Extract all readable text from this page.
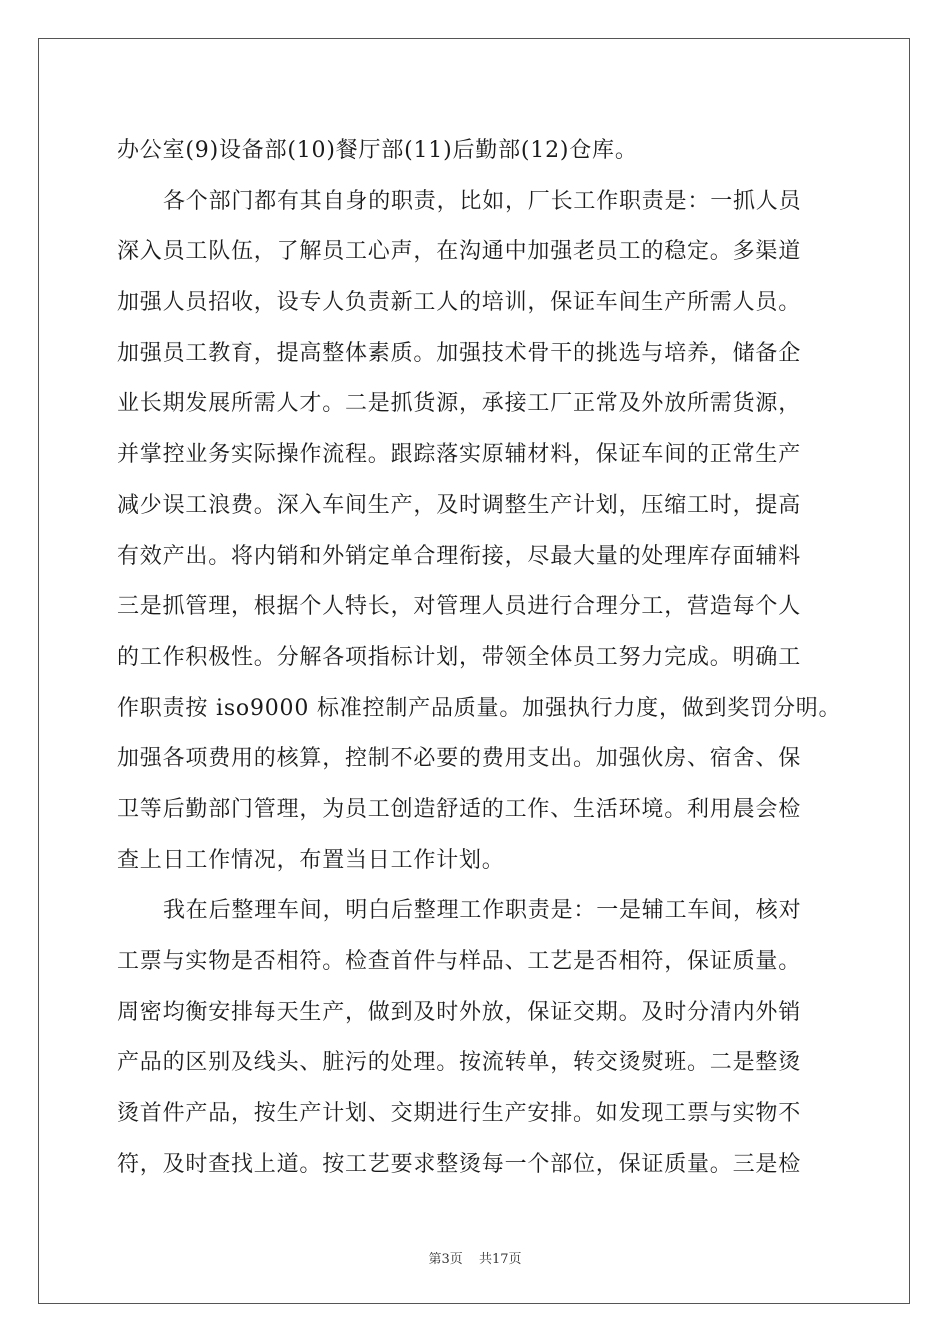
办公室(9)设备部(10)餐厅部(11)后勤部(12)仓库。
各个部门都有其自身的职责，比如，厂长工作职责是：一抓人员
深入员工队伍，了解员工心声，在沟通中加强老员工的稳定。多渠道
加强人员招收，设专人负责新工人的培训，保证车间生产所需人员。
加强员工教育，提高整体素质。加强技术骨干的挑选与培养，储备企
业长期发展所需人才。二是抓货源，承接工厂正常及外放所需货源，
并掌控业务实际操作流程。跟踪落实原辅材料，保证车间的正常生产
减少误工浪费。深入车间生产，及时调整生产计划，压缩工时，提高
有效产出。将内销和外销定单合理衔接，尽最大量的处理库存面辅料
三是抓管理，根据个人特长，对管理人员进行合理分工，营造每个人
的工作积极性。分解各项指标计划，带领全体员工努力完成。明确工
作职责按 iso9000 标准控制产品质量。加强执行力度，做到奖罚分明。
加强各项费用的核算，控制不必要的费用支出。加强伙房、宿舍、保
卫等后勤部门管理，为员工创造舒适的工作、生活环境。利用晨会检
查上日工作情况，布置当日工作计划。
我在后整理车间，明白后整理工作职责是：一是辅工车间，核对
工票与实物是否相符。检查首件与样品、工艺是否相符，保证质量。
周密均衡安排每天生产，做到及时外放，保证交期。及时分清内外销
产品的区别及线头、脏污的处理。按流转单，转交烫熨班。二是整烫
烫首件产品，按生产计划、交期进行生产安排。如发现工票与实物不
符，及时查找上道。按工艺要求整烫每一个部位，保证质量。三是检
第3页 共17页
